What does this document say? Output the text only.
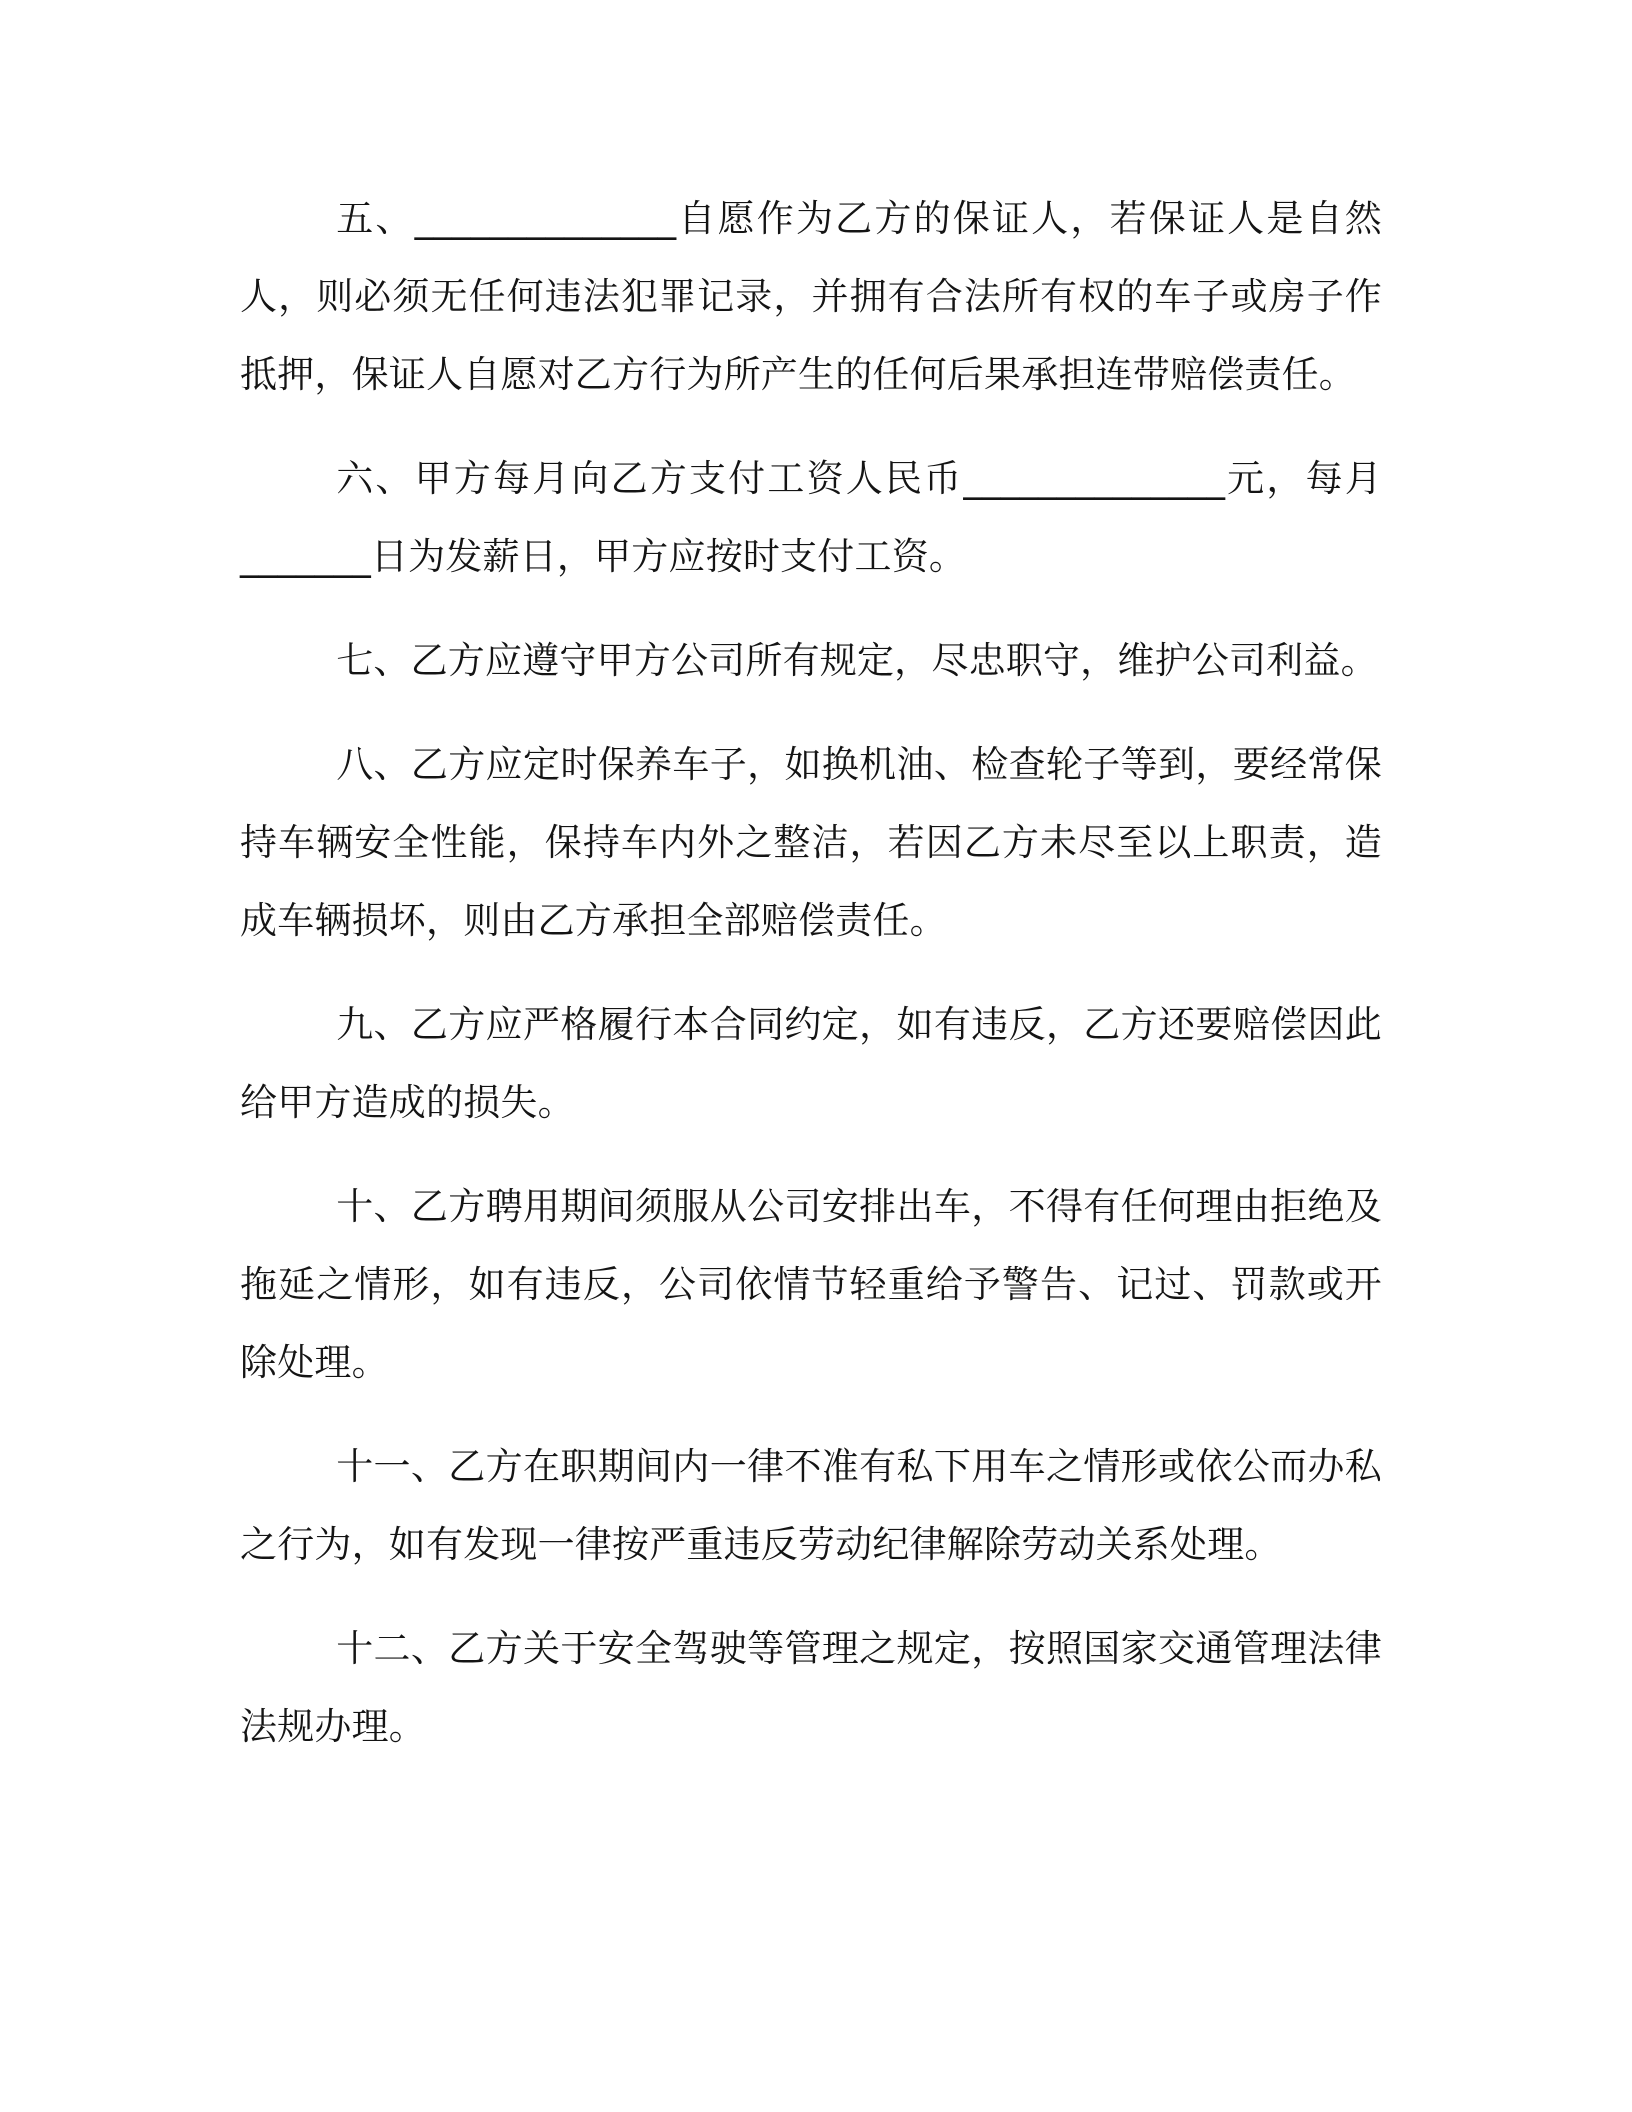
五、______________自愿作为乙方的保证人，若保证人是自然人，则必须无任何违法犯罪记录，并拥有合法所有权的车子或房子作抵押，保证人自愿对乙方行为所产生的任何后果承担连带赔偿责任。

六、甲方每月向乙方支付工资人民币______________元，每月_______日为发薪日，甲方应按时支付工资。

七、乙方应遵守甲方公司所有规定，尽忠职守，维护公司利益。

八、乙方应定时保养车子，如换机油、检查轮子等到，要经常保持车辆安全性能，保持车内外之整洁，若因乙方未尽至以上职责，造成车辆损坏，则由乙方承担全部赔偿责任。

九、乙方应严格履行本合同约定，如有违反，乙方还要赔偿因此给甲方造成的损失。

十、乙方聘用期间须服从公司安排出车，不得有任何理由拒绝及拖延之情形，如有违反，公司依情节轻重给予警告、记过、罚款或开除处理。

十一、乙方在职期间内一律不准有私下用车之情形或依公而办私之行为，如有发现一律按严重违反劳动纪律解除劳动关系处理。

十二、乙方关于安全驾驶等管理之规定，按照国家交通管理法律法规办理。
